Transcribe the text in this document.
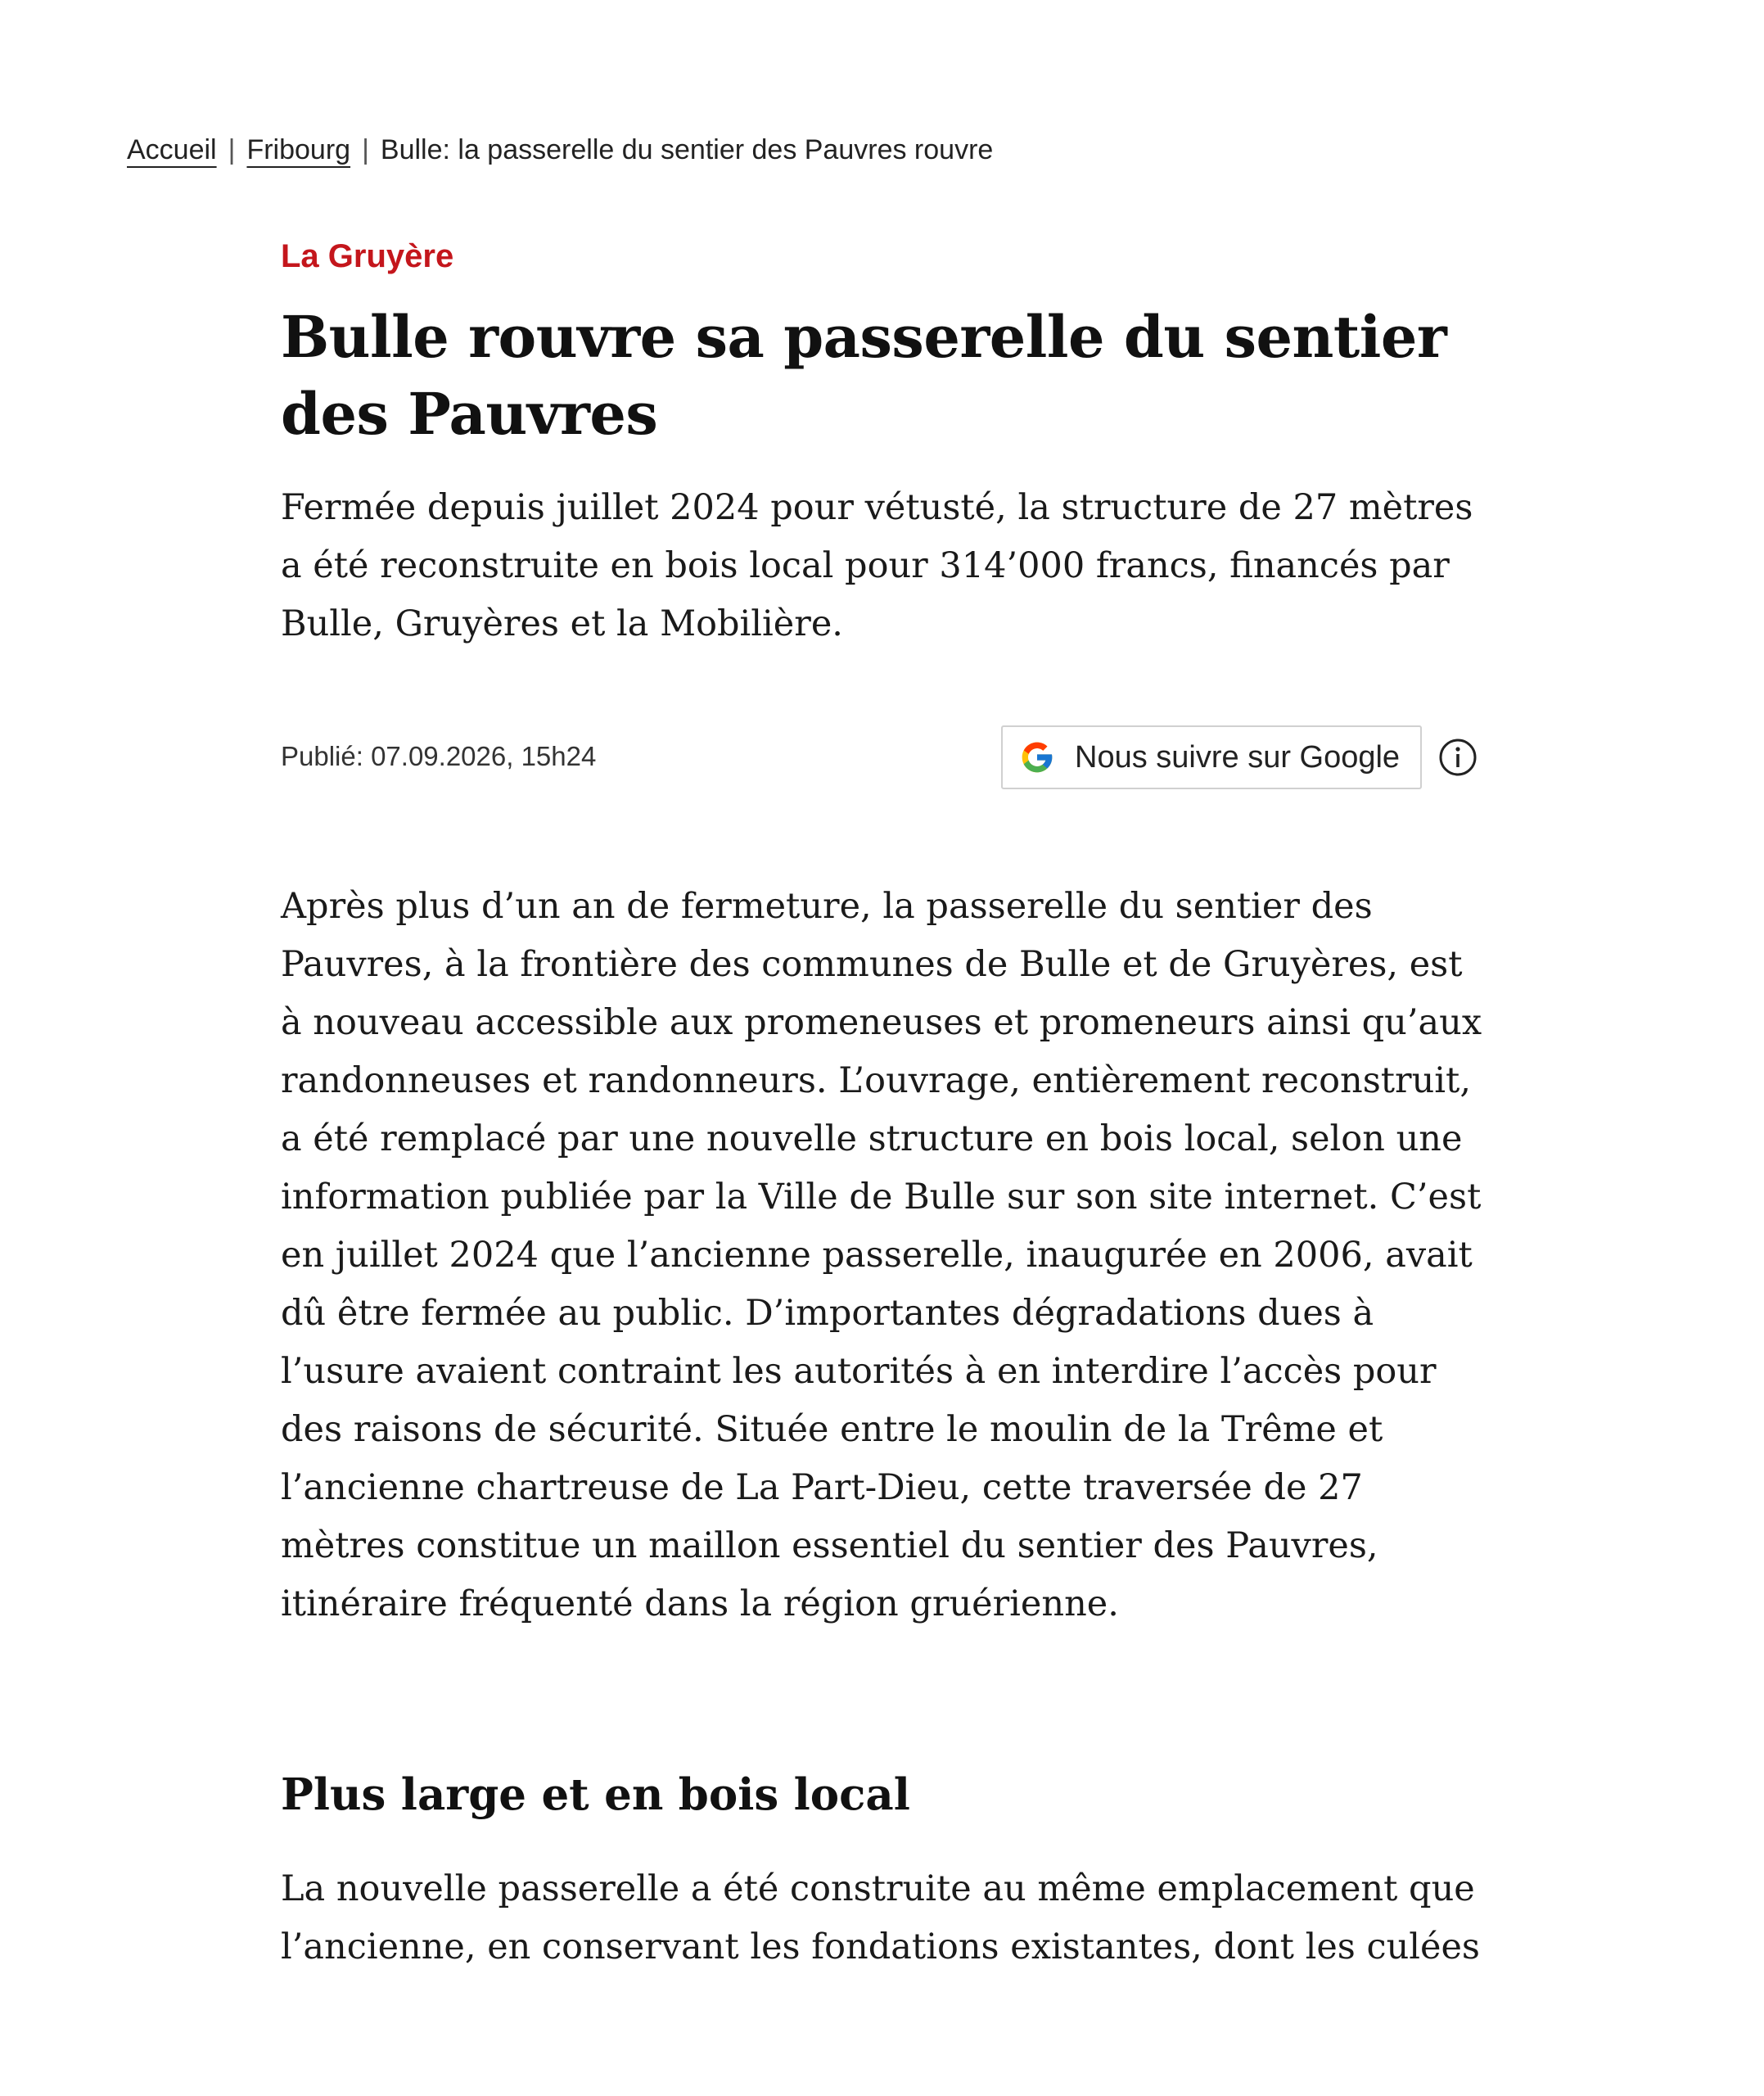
Accueil | Fribourg | Bulle: la passerelle du sentier des Pauvres rouvre
La Gruyère
Bulle rouvre sa passerelle du sentier des Pauvres

Fermée depuis juillet 2024 pour vétusté, la structure de 27 mètres a été reconstruite en bois local pour 314’000 francs, financés par Bulle, Gruyères et la Mobilière.

Publié: 07.09.2026, 15h24	Nous suivre sur Google

Après plus d’un an de fermeture, la passerelle du sentier des Pauvres, à la frontière des communes de Bulle et de Gruyères, est à nouveau accessible aux promeneuses et promeneurs ainsi qu’aux randonneuses et randonneurs. L’ouvrage, entièrement reconstruit, a été remplacé par une nouvelle structure en bois local, selon une information publiée par la Ville de Bulle sur son site internet. C’est en juillet 2024 que l’ancienne passerelle, inaugurée en 2006, avait dû être fermée au public. D’importantes dégradations dues à l’usure avaient contraint les autorités à en interdire l’accès pour des raisons de sécurité. Située entre le moulin de la Trême et l’ancienne chartreuse de La Part-Dieu, cette traversée de 27 mètres constitue un maillon essentiel du sentier des Pauvres, itinéraire fréquenté dans la région gruérienne.

Plus large et en bois local

La nouvelle passerelle a été construite au même emplacement que l’ancienne, en conservant les fondations existantes, dont les culées
